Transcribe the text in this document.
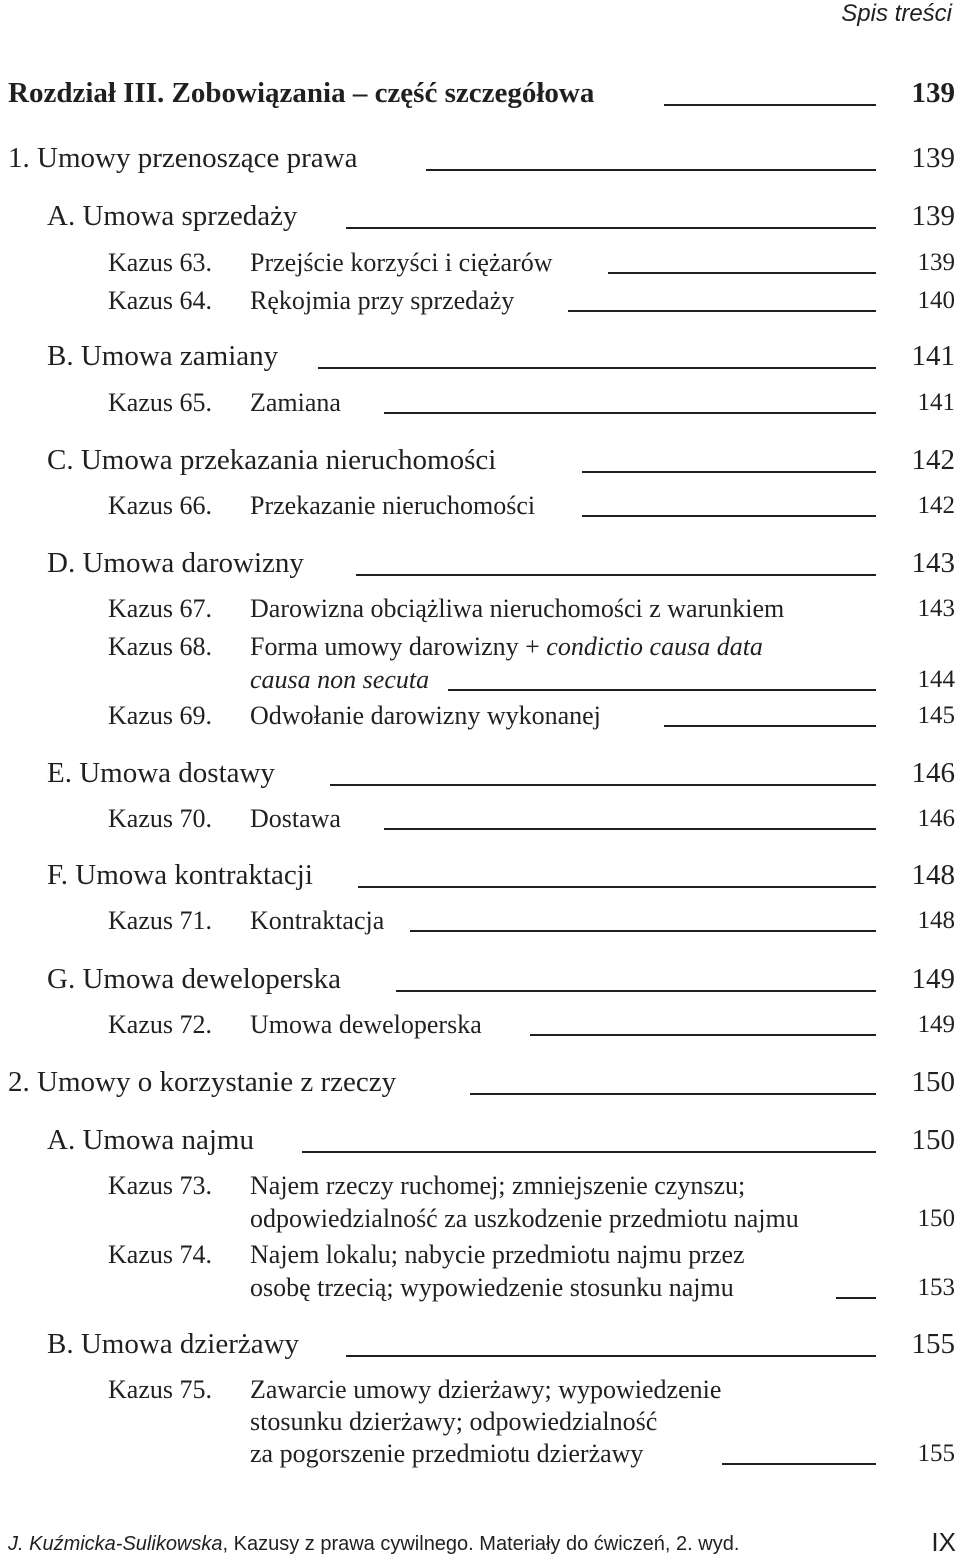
Spis treści
Rozdział III. Zobowiązania – część szczegółowa	139
1. Umowy przenoszące prawa	139
A. Umowa sprzedaży	139
Kazus 63. Przejście korzyści i ciężarów	139
Kazus 64. Rękojmia przy sprzedaży	140
B. Umowa zamiany	141
Kazus 65. Zamiana	141
C. Umowa przekazania nieruchomości	142
Kazus 66. Przekazanie nieruchomości	142
D. Umowa darowizny	143
Kazus 67. Darowizna obciążliwa nieruchomości z warunkiem	143
Kazus 68. Forma umowy darowizny + condictio causa data
causa non secuta	144
Kazus 69. Odwołanie darowizny wykonanej	145
E. Umowa dostawy	146
Kazus 70. Dostawa	146
F. Umowa kontraktacji	148
Kazus 71. Kontraktacja	148
G. Umowa deweloperska	149
Kazus 72. Umowa deweloperska	149
2. Umowy o korzystanie z rzeczy	150
A. Umowa najmu	150
Kazus 73. Najem rzeczy ruchomej; zmniejszenie czynszu;
odpowiedzialność za uszkodzenie przedmiotu najmu	150
Kazus 74. Najem lokalu; nabycie przedmiotu najmu przez
osobę trzecią; wypowiedzenie stosunku najmu	153
B. Umowa dzierżawy	155
Kazus 75. Zawarcie umowy dzierżawy; wypowiedzenie
stosunku dzierżawy; odpowiedzialność
za pogorszenie przedmiotu dzierżawy	155
J. Kuźmicka-Sulikowska, Kazusy z prawa cywilnego. Materiały do ćwiczeń, 2. wyd.	IX
